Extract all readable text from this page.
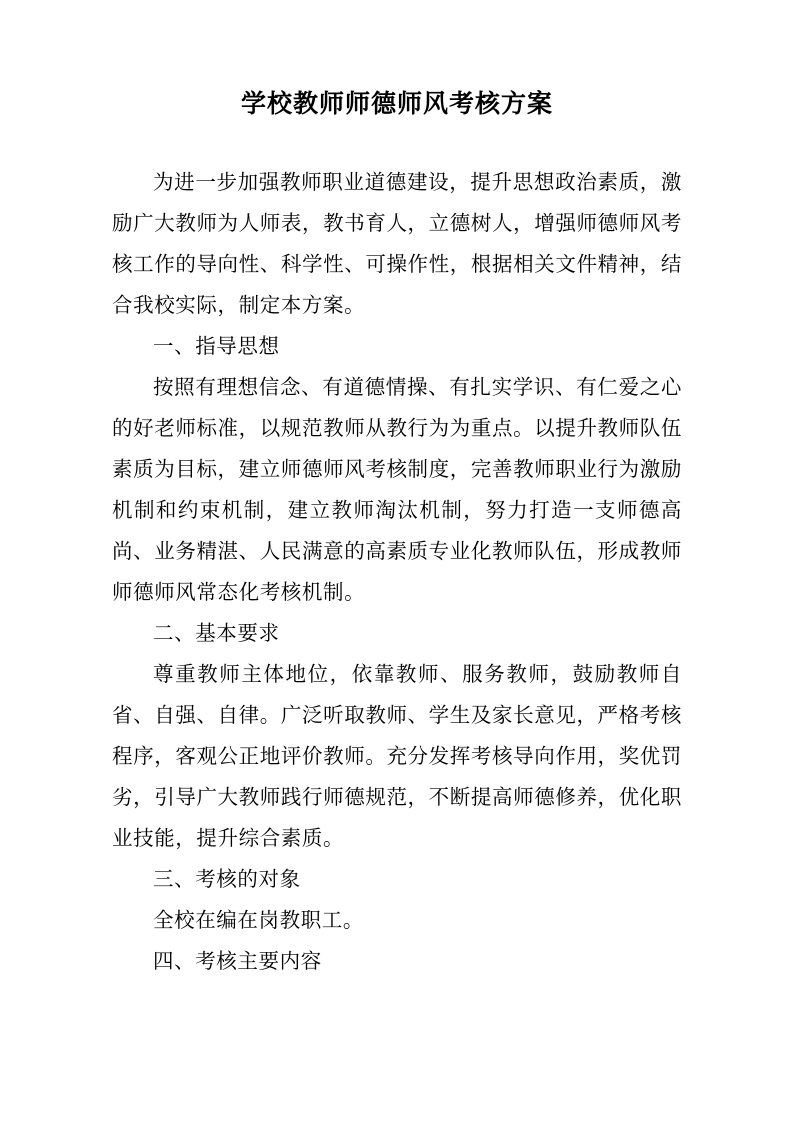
学校教师师德师风考核方案

为进一步加强教师职业道德建设，提升思想政治素质，激励广大教师为人师表，教书育人，立德树人，增强师德师风考核工作的导向性、科学性、可操作性，根据相关文件精神，结合我校实际，制定本方案。

一、指导思想

按照有理想信念、有道德情操、有扎实学识、有仁爱之心的好老师标准，以规范教师从教行为为重点。以提升教师队伍素质为目标，建立师德师风考核制度，完善教师职业行为激励机制和约束机制，建立教师淘汰机制，努力打造一支师德高尚、业务精湛、人民满意的高素质专业化教师队伍，形成教师师德师风常态化考核机制。

二、基本要求

尊重教师主体地位，依靠教师、服务教师，鼓励教师自省、自强、自律。广泛听取教师、学生及家长意见，严格考核程序，客观公正地评价教师。充分发挥考核导向作用，奖优罚劣，引导广大教师践行师德规范，不断提高师德修养，优化职业技能，提升综合素质。

三、考核的对象

全校在编在岗教职工。

四、考核主要内容
